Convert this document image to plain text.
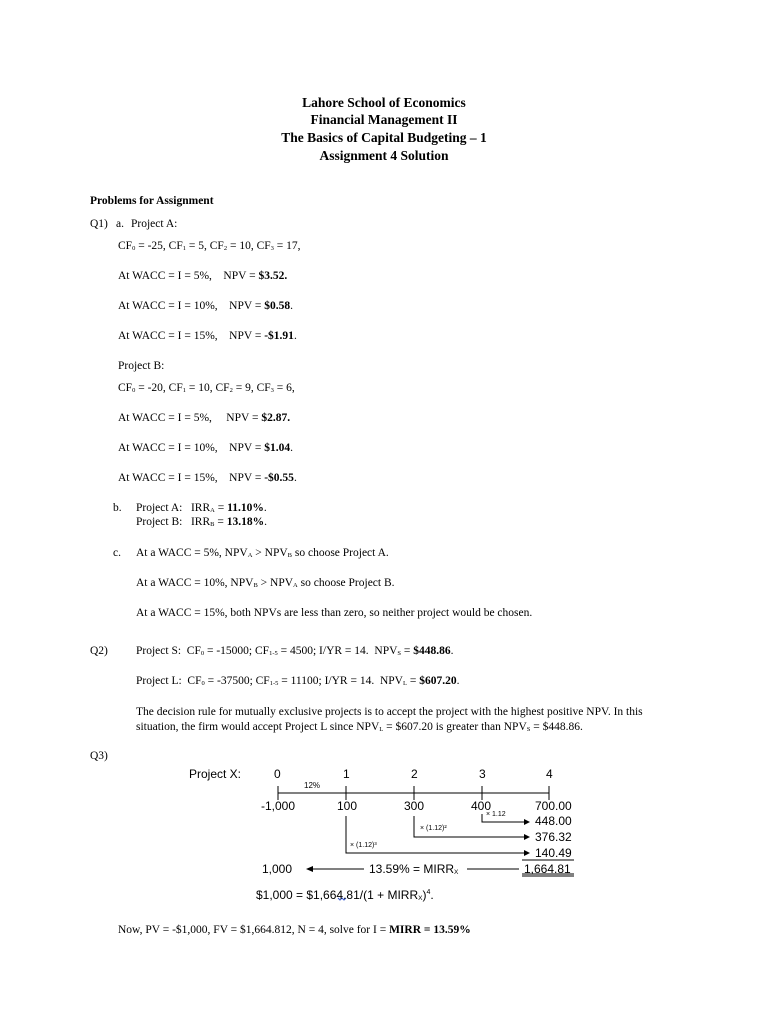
Lahore School of Economics
Financial Management II
The Basics of Capital Budgeting – 1
Assignment 4 Solution
Problems for Assignment
Q1) a. Project A:
$CF_0 = -25$, $CF_1 = 5$, $CF_2 = 10$, $CF_3 = 17$,
At WACC = I = 5%,    NPV = $3.52.
At WACC = I = 10%,    NPV = $0.58.
At WACC = I = 15%,    NPV = -$1.91.
Project B:
$CF_0 = -20$, $CF_1 = 10$, $CF_2 = 9$, $CF_3 = 6$,
At WACC = I = 5%,     NPV = $2.87.
At WACC = I = 10%,    NPV = $1.04.
At WACC = I = 15%,    NPV = -$0.55.
b. Project A:   $IRR_A = 11.10\%$.
Project B:   $IRR_B = 13.18\%$.
c. At a WACC = 5%, $NPV_A > NPV_B$ so choose Project A.
At a WACC = 10%, $NPV_B > NPV_A$ so choose Project B.
At a WACC = 15%, both NPVs are less than zero, so neither project would be chosen.
Q2) Project S:  $CF_0 = -15000$; $CF_{1-5} = 4500$; I/YR = 14.  $NPV_S$ = $448.86.
Project L:  $CF_0 = -37500$; $CF_{1-5} = 11100$; I/YR = 14.  $NPV_L$ = $607.20.
The decision rule for mutually exclusive projects is to accept the project with the highest positive NPV. In this situation, the firm would accept Project L since $NPV_L$ = $607.20 is greater than $NPV_S$ = $448.86.
Q3)
Project X:	0	1	2	3	4
12%
-1,000	100	300	400	700.00
× 1.12
× (1.12)²
× (1.12)³
448.00
376.32
140.49
1,000	$13.59\% = MIRR_X$	1,664.81
$1,000 = $1,664.81/(1 + $MIRR_X)^4$.
Now, PV = -$1,000, FV = $1,664.812, N = 4, solve for I = MIRR = 13.59%
